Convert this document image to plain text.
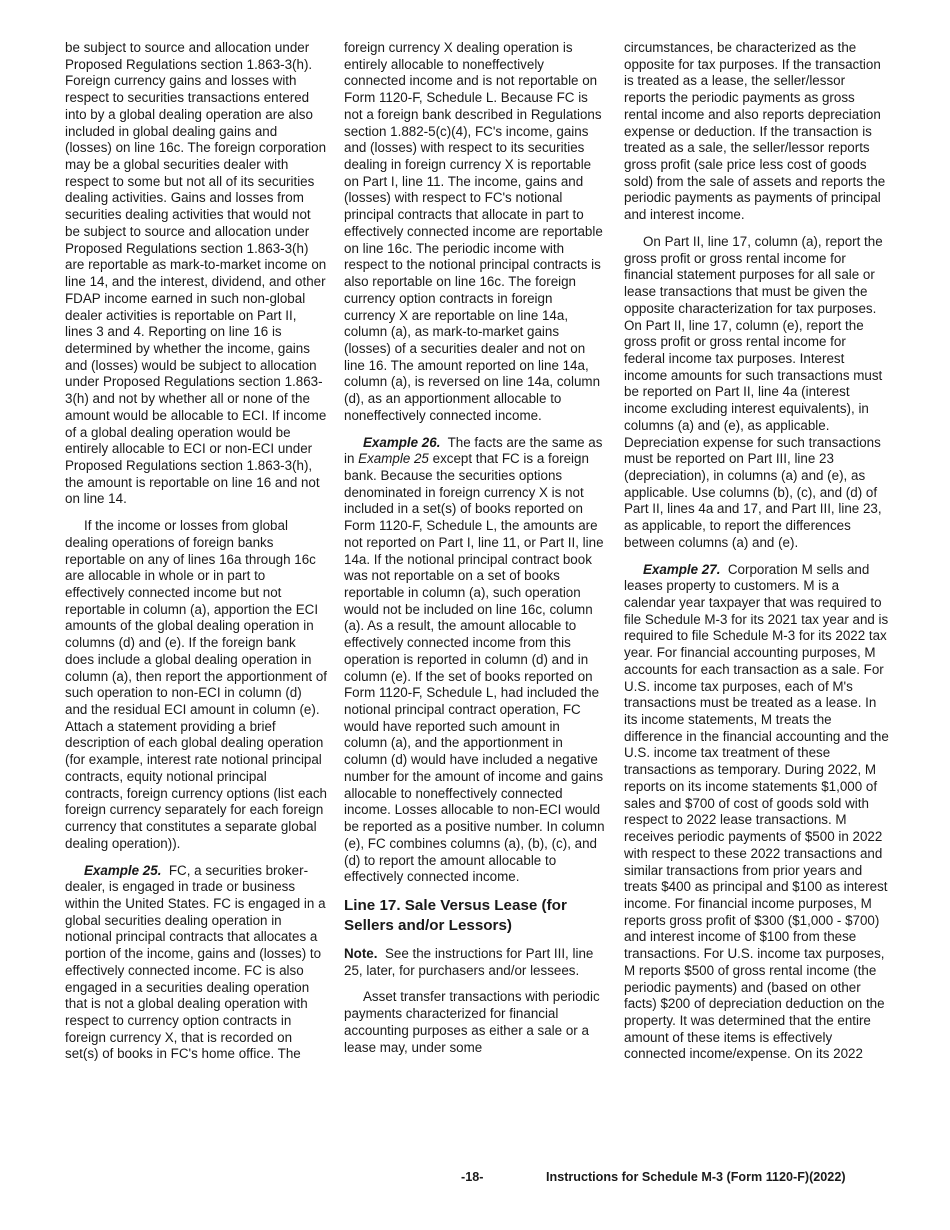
be subject to source and allocation under Proposed Regulations section 1.863-3(h). Foreign currency gains and losses with respect to securities transactions entered into by a global dealing operation are also included in global dealing gains and (losses) on line 16c. The foreign corporation may be a global securities dealer with respect to some but not all of its securities dealing activities. Gains and losses from securities dealing activities that would not be subject to source and allocation under Proposed Regulations section 1.863-3(h) are reportable as mark-to-market income on line 14, and the interest, dividend, and other FDAP income earned in such non-global dealer activities is reportable on Part II, lines 3 and 4. Reporting on line 16 is determined by whether the income, gains and (losses) would be subject to allocation under Proposed Regulations section 1.863-3(h) and not by whether all or none of the amount would be allocable to ECI. If income of a global dealing operation would be entirely allocable to ECI or non-ECI under Proposed Regulations section 1.863-3(h), the amount is reportable on line 16 and not on line 14.

If the income or losses from global dealing operations of foreign banks reportable on any of lines 16a through 16c are allocable in whole or in part to effectively connected income but not reportable in column (a), apportion the ECI amounts of the global dealing operation in columns (d) and (e). If the foreign bank does include a global dealing operation in column (a), then report the apportionment of such operation to non-ECI in column (d) and the residual ECI amount in column (e). Attach a statement providing a brief description of each global dealing operation (for example, interest rate notional principal contracts, equity notional principal contracts, foreign currency options (list each foreign currency separately for each foreign currency that constitutes a separate global dealing operation)).

Example 25. FC, a securities broker-dealer, is engaged in trade or business within the United States. FC is engaged in a global securities dealing operation in notional principal contracts that allocates a portion of the income, gains and (losses) to effectively connected income. FC is also engaged in a securities dealing operation that is not a global dealing operation with respect to currency option contracts in foreign currency X, that is recorded on set(s) of books in FC's home office. The

foreign currency X dealing operation is entirely allocable to noneffectively connected income and is not reportable on Form 1120-F, Schedule L. Because FC is not a foreign bank described in Regulations section 1.882-5(c)(4), FC's income, gains and (losses) with respect to its securities dealing in foreign currency X is reportable on Part I, line 11. The income, gains and (losses) with respect to FC's notional principal contracts that allocate in part to effectively connected income are reportable on line 16c. The periodic income with respect to the notional principal contracts is also reportable on line 16c. The foreign currency option contracts in foreign currency X are reportable on line 14a, column (a), as mark-to-market gains (losses) of a securities dealer and not on line 16. The amount reported on line 14a, column (a), is reversed on line 14a, column (d), as an apportionment allocable to noneffectively connected income.

Example 26. The facts are the same as in Example 25 except that FC is a foreign bank. Because the securities options denominated in foreign currency X is not included in a set(s) of books reported on Form 1120-F, Schedule L, the amounts are not reported on Part I, line 11, or Part II, line 14a. If the notional principal contract book was not reportable on a set of books reportable in column (a), such operation would not be included on line 16c, column (a). As a result, the amount allocable to effectively connected income from this operation is reported in column (d) and in column (e). If the set of books reported on Form 1120-F, Schedule L, had included the notional principal contract operation, FC would have reported such amount in column (a), and the apportionment in column (d) would have included a negative number for the amount of income and gains allocable to noneffectively connected income. Losses allocable to non-ECI would be reported as a positive number. In column (e), FC combines columns (a), (b), (c), and (d) to report the amount allocable to effectively connected income.

Line 17. Sale Versus Lease (for Sellers and/or Lessors)

Note. See the instructions for Part III, line 25, later, for purchasers and/or lessees.

Asset transfer transactions with periodic payments characterized for financial accounting purposes as either a sale or a lease may, under some

circumstances, be characterized as the opposite for tax purposes. If the transaction is treated as a lease, the seller/lessor reports the periodic payments as gross rental income and also reports depreciation expense or deduction. If the transaction is treated as a sale, the seller/lessor reports gross profit (sale price less cost of goods sold) from the sale of assets and reports the periodic payments as payments of principal and interest income.

On Part II, line 17, column (a), report the gross profit or gross rental income for financial statement purposes for all sale or lease transactions that must be given the opposite characterization for tax purposes. On Part II, line 17, column (e), report the gross profit or gross rental income for federal income tax purposes. Interest income amounts for such transactions must be reported on Part II, line 4a (interest income excluding interest equivalents), in columns (a) and (e), as applicable. Depreciation expense for such transactions must be reported on Part III, line 23 (depreciation), in columns (a) and (e), as applicable. Use columns (b), (c), and (d) of Part II, lines 4a and 17, and Part III, line 23, as applicable, to report the differences between columns (a) and (e).

Example 27. Corporation M sells and leases property to customers. M is a calendar year taxpayer that was required to file Schedule M-3 for its 2021 tax year and is required to file Schedule M-3 for its 2022 tax year. For financial accounting purposes, M accounts for each transaction as a sale. For U.S. income tax purposes, each of M's transactions must be treated as a lease. In its income statements, M treats the difference in the financial accounting and the U.S. income tax treatment of these transactions as temporary. During 2022, M reports on its income statements $1,000 of sales and $700 of cost of goods sold with respect to 2022 lease transactions. M receives periodic payments of $500 in 2022 with respect to these 2022 transactions and similar transactions from prior years and treats $400 as principal and $100 as interest income. For financial income purposes, M reports gross profit of $300 ($1,000 - $700) and interest income of $100 from these transactions. For U.S. income tax purposes, M reports $500 of gross rental income (the periodic payments) and (based on other facts) $200 of depreciation deduction on the property. It was determined that the entire amount of these items is effectively connected income/expense. On its 2022

-18-	Instructions for Schedule M-3 (Form 1120-F)(2022)
